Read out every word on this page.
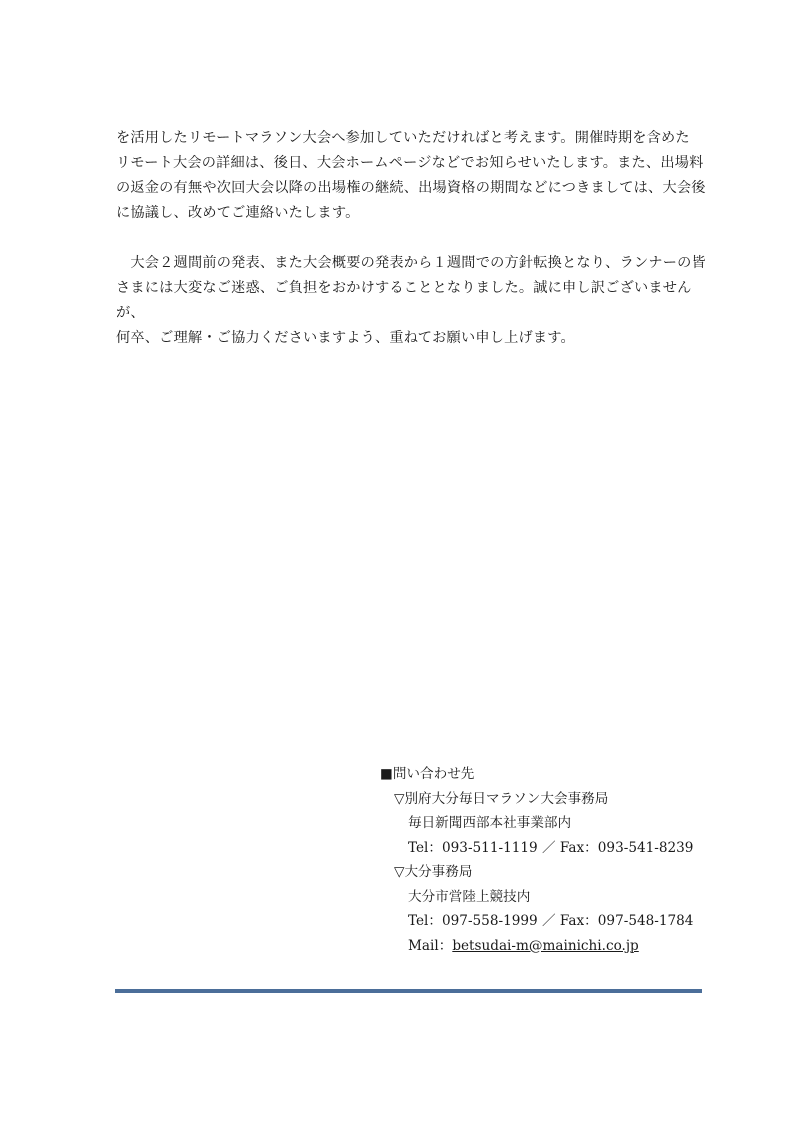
を活用したリモートマラソン大会へ参加していただければと考えます。開催時期を含めた
リモート大会の詳細は、後日、大会ホームページなどでお知らせいたします。また、出場料
の返金の有無や次回大会以降の出場権の継続、出場資格の期間などにつきましては、大会後
に協議し、改めてご連絡いたします。

　大会２週間前の発表、また大会概要の発表から１週間での方針転換となり、ランナーの皆
さまには大変なご迷惑、ご負担をおかけすることとなりました。誠に申し訳ございませんが、
何卒、ご理解・ご協力くださいますよう、重ねてお願い申し上げます。

■問い合わせ先
▽別府大分毎日マラソン大会事務局
毎日新聞西部本社事業部内
Tel：093-511-1119 ／ Fax：093-541-8239
▽大分事務局
大分市営陸上競技内
Tel：097-558-1999 ／ Fax：097-548-1784
Mail：betsudai-m@mainichi.co.jp
